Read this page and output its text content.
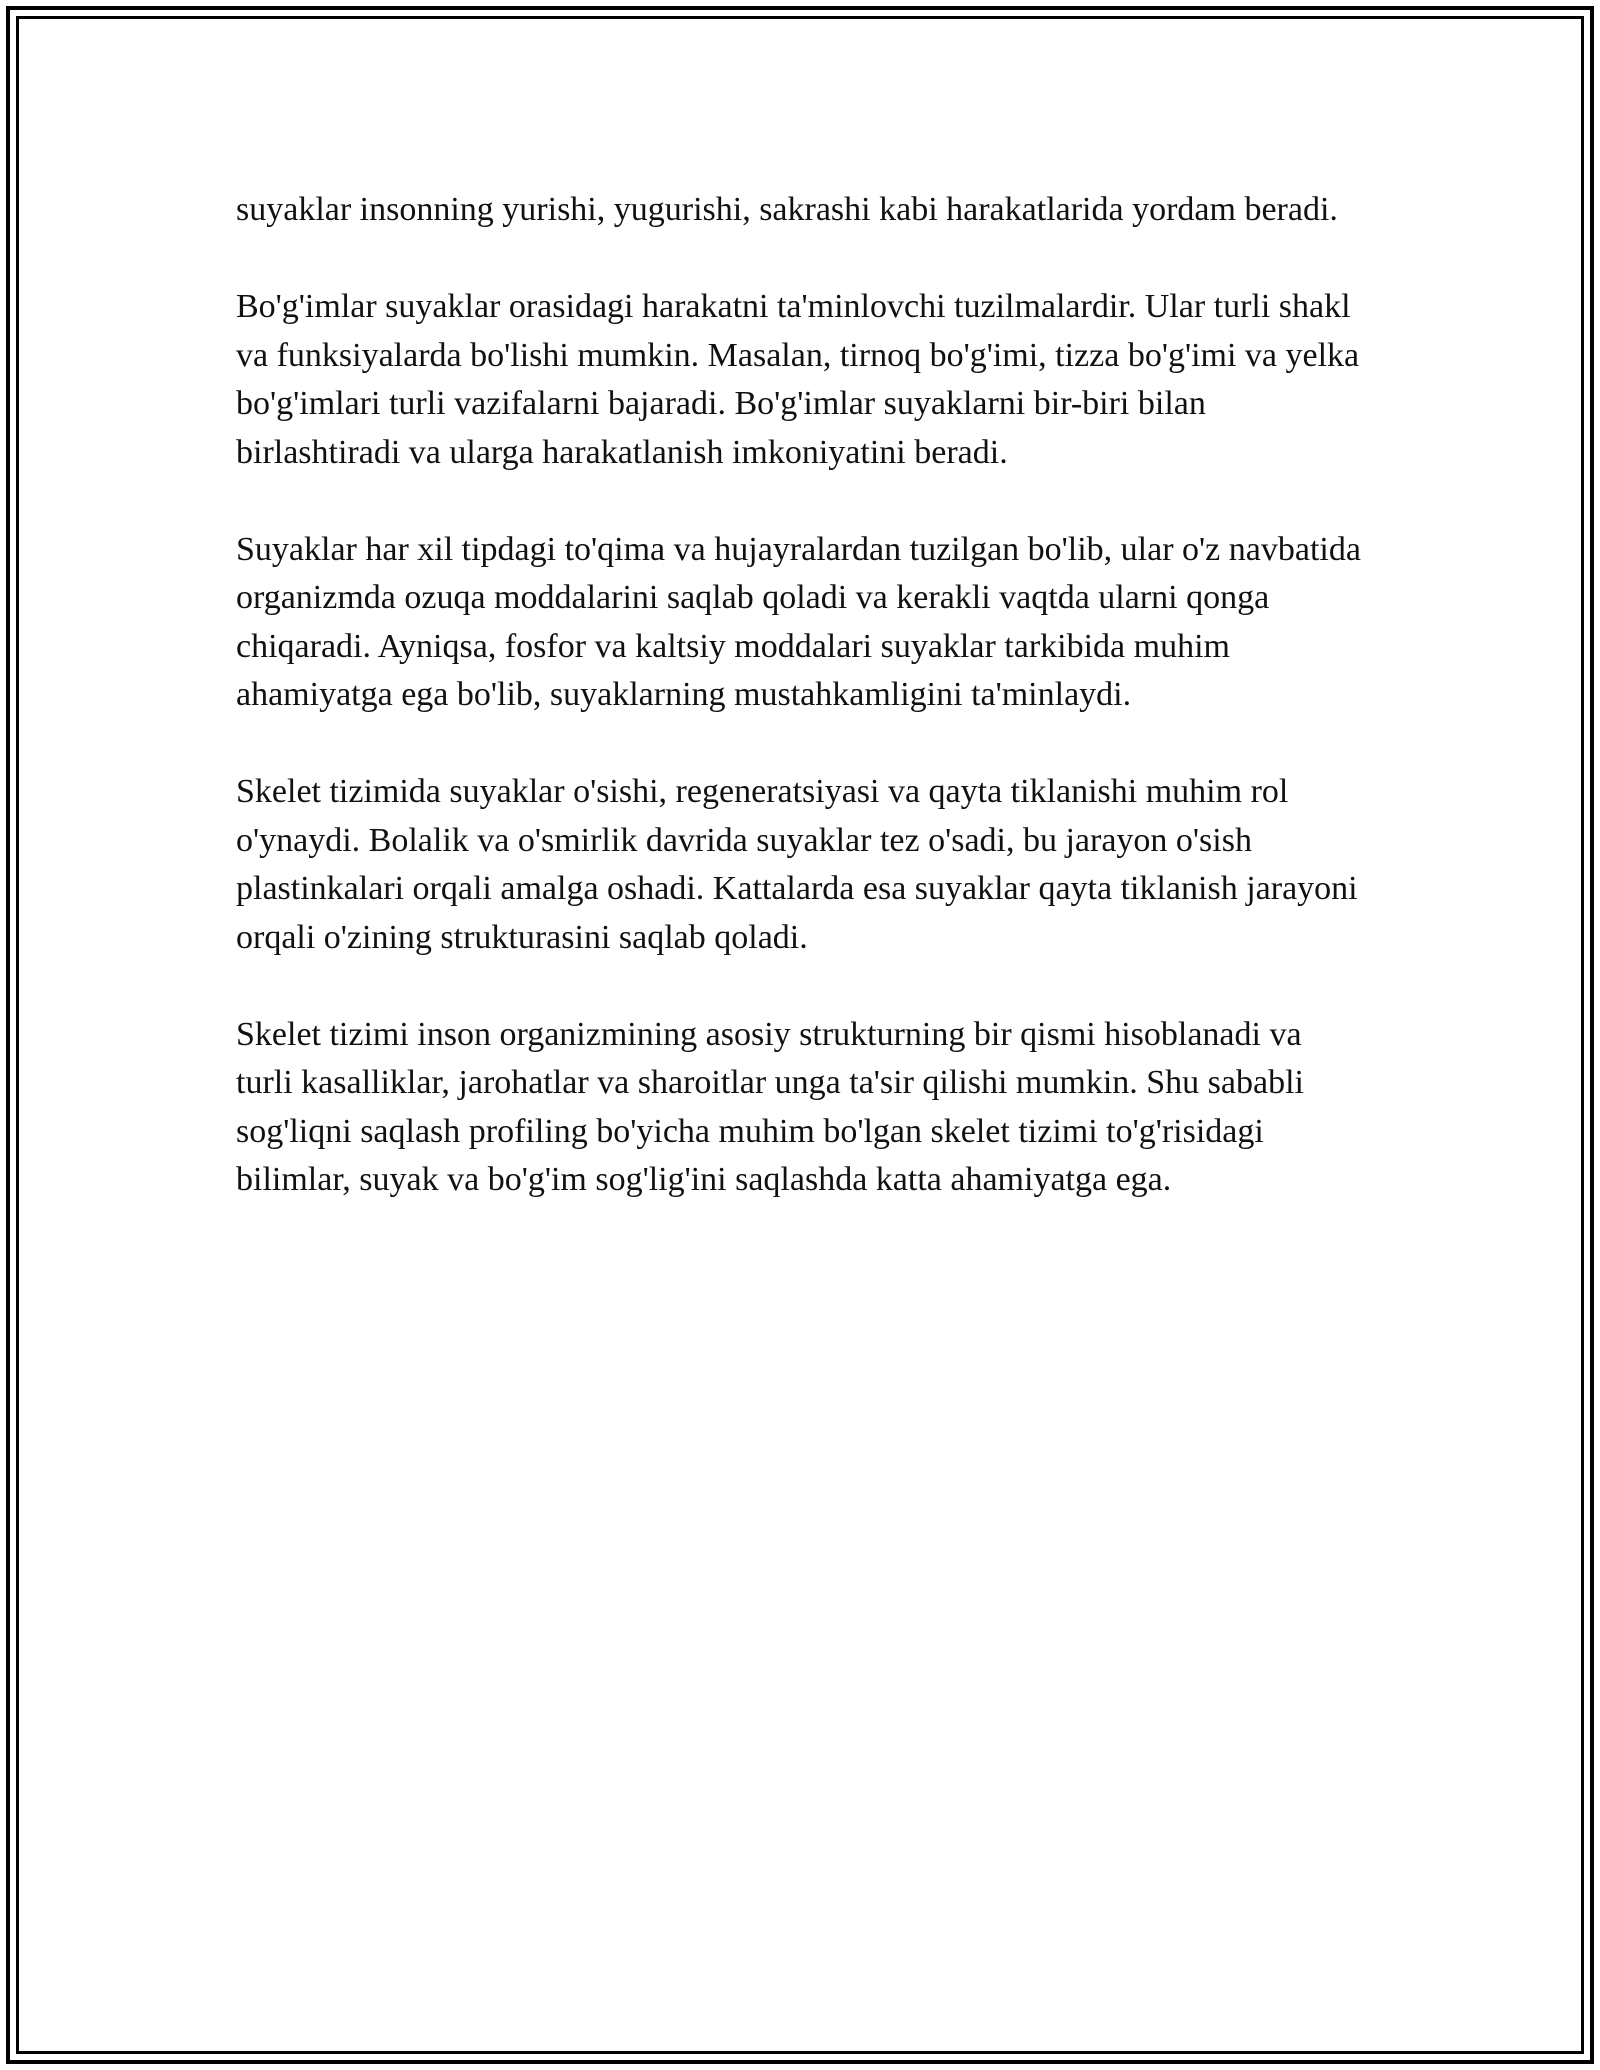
suyaklar insonning yurishi, yugurishi, sakrashi kabi harakatlarida yordam beradi.

Bo'g'imlar suyaklar orasidagi harakatni ta'minlovchi tuzilmalardir. Ular turli shakl va funksiyalarda bo'lishi mumkin. Masalan, tirnoq bo'g'imi, tizza bo'g'imi va yelka bo'g'imlari turli vazifalarni bajaradi. Bo'g'imlar suyaklarni bir-biri bilan birlashtiradi va ularga harakatlanish imkoniyatini beradi.

Suyaklar har xil tipdagi to'qima va hujayralardan tuzilgan bo'lib, ular o'z navbatida organizmda ozuqa moddalarini saqlab qoladi va kerakli vaqtda ularni qonga chiqaradi. Ayniqsa, fosfor va kaltsiy moddalari suyaklar tarkibida muhim ahamiyatga ega bo'lib, suyaklarning mustahkamligini ta'minlaydi.

Skelet tizimida suyaklar o'sishi, regeneratsiyasi va qayta tiklanishi muhim rol o'ynaydi. Bolalik va o'smirlik davrida suyaklar tez o'sadi, bu jarayon o'sish plastinkalari orqali amalga oshadi. Kattalarda esa suyaklar qayta tiklanish jarayoni orqali o'zining strukturasini saqlab qoladi.

Skelet tizimi inson organizmining asosiy strukturning bir qismi hisoblanadi va turli kasalliklar, jarohatlar va sharoitlar unga ta'sir qilishi mumkin. Shu sababli sog'liqni saqlash profiling bo'yicha muhim bo'lgan skelet tizimi to'g'risidagi bilimlar, suyak va bo'g'im sog'lig'ini saqlashda katta ahamiyatga ega.
